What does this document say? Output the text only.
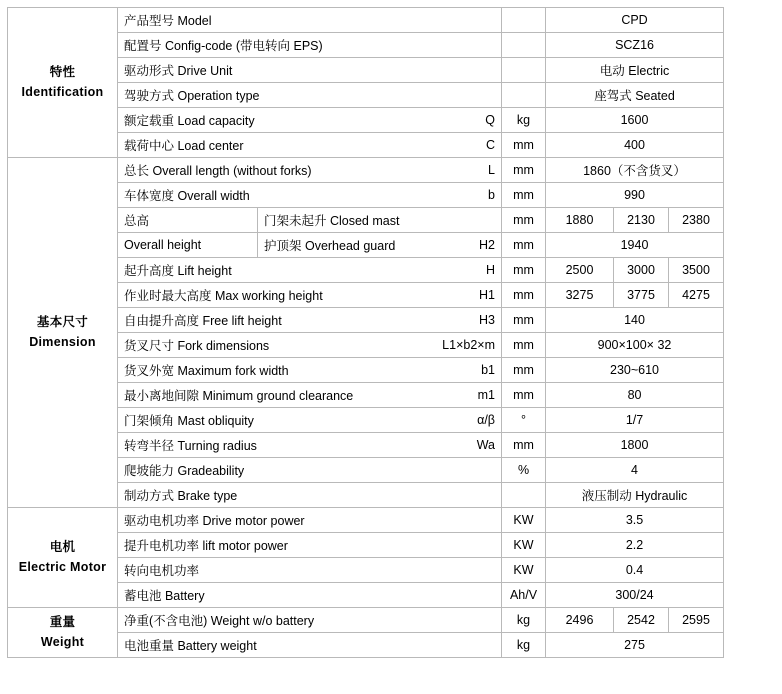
特性
Identification	产品型号 Model			CPD		

	配置号 Config-code (带电转向 EPS)			SCZ16		

	驱动形式 Drive Unit			电动 Electric		

	驾驶方式 Operation type			座驾式 Seated		

	额定载重 Load capacity Q		kg	1600		

	载荷中心 Load center C		mm	400		

基本尺寸
Dimension

总长 Overall length (without forks)	L	mm	1860（不含货叉）

	车体宽度 Overall width b		mm	990		
	总高	门架未起升 Closed mast	mm	1880	2130	2380
	Overall height	护顶架 Overhead guard H2	mm	1940		

	起升高度 Lift height H		mm	2500	3000	3500

	作业时最大高度 Max working height H1		mm	3275	3775	4275

	自由提升高度 Free lift height H3		mm	140		

	货叉尺寸 Fork dimensions L1×b2×m		mm	900×100× 32		

	货叉外宽 Maximum fork width b1		mm	230~610		

	最小离地间隙 Minimum ground clearance m1		mm	80		

	门架倾角 Mast obliquity α/β		°	1/7		

	转弯半径 Turning radius Wa		mm	1800		

	爬坡能力 Gradeability		%	4		

	制动方式 Brake type			液压制动 Hydraulic		

电机
Electric Motor	驱动电机功率 Drive motor power		KW	3.5		

	提升电机功率 lift motor power		KW	2.2		

	转向电机功率		KW	0.4		

	蓄电池 Battery		Ah/V	300/24		

重量
Weight	净重(不含电池) Weight w/o battery		kg	2496	2542	2595

	电池重量 Battery weight		kg	275		
